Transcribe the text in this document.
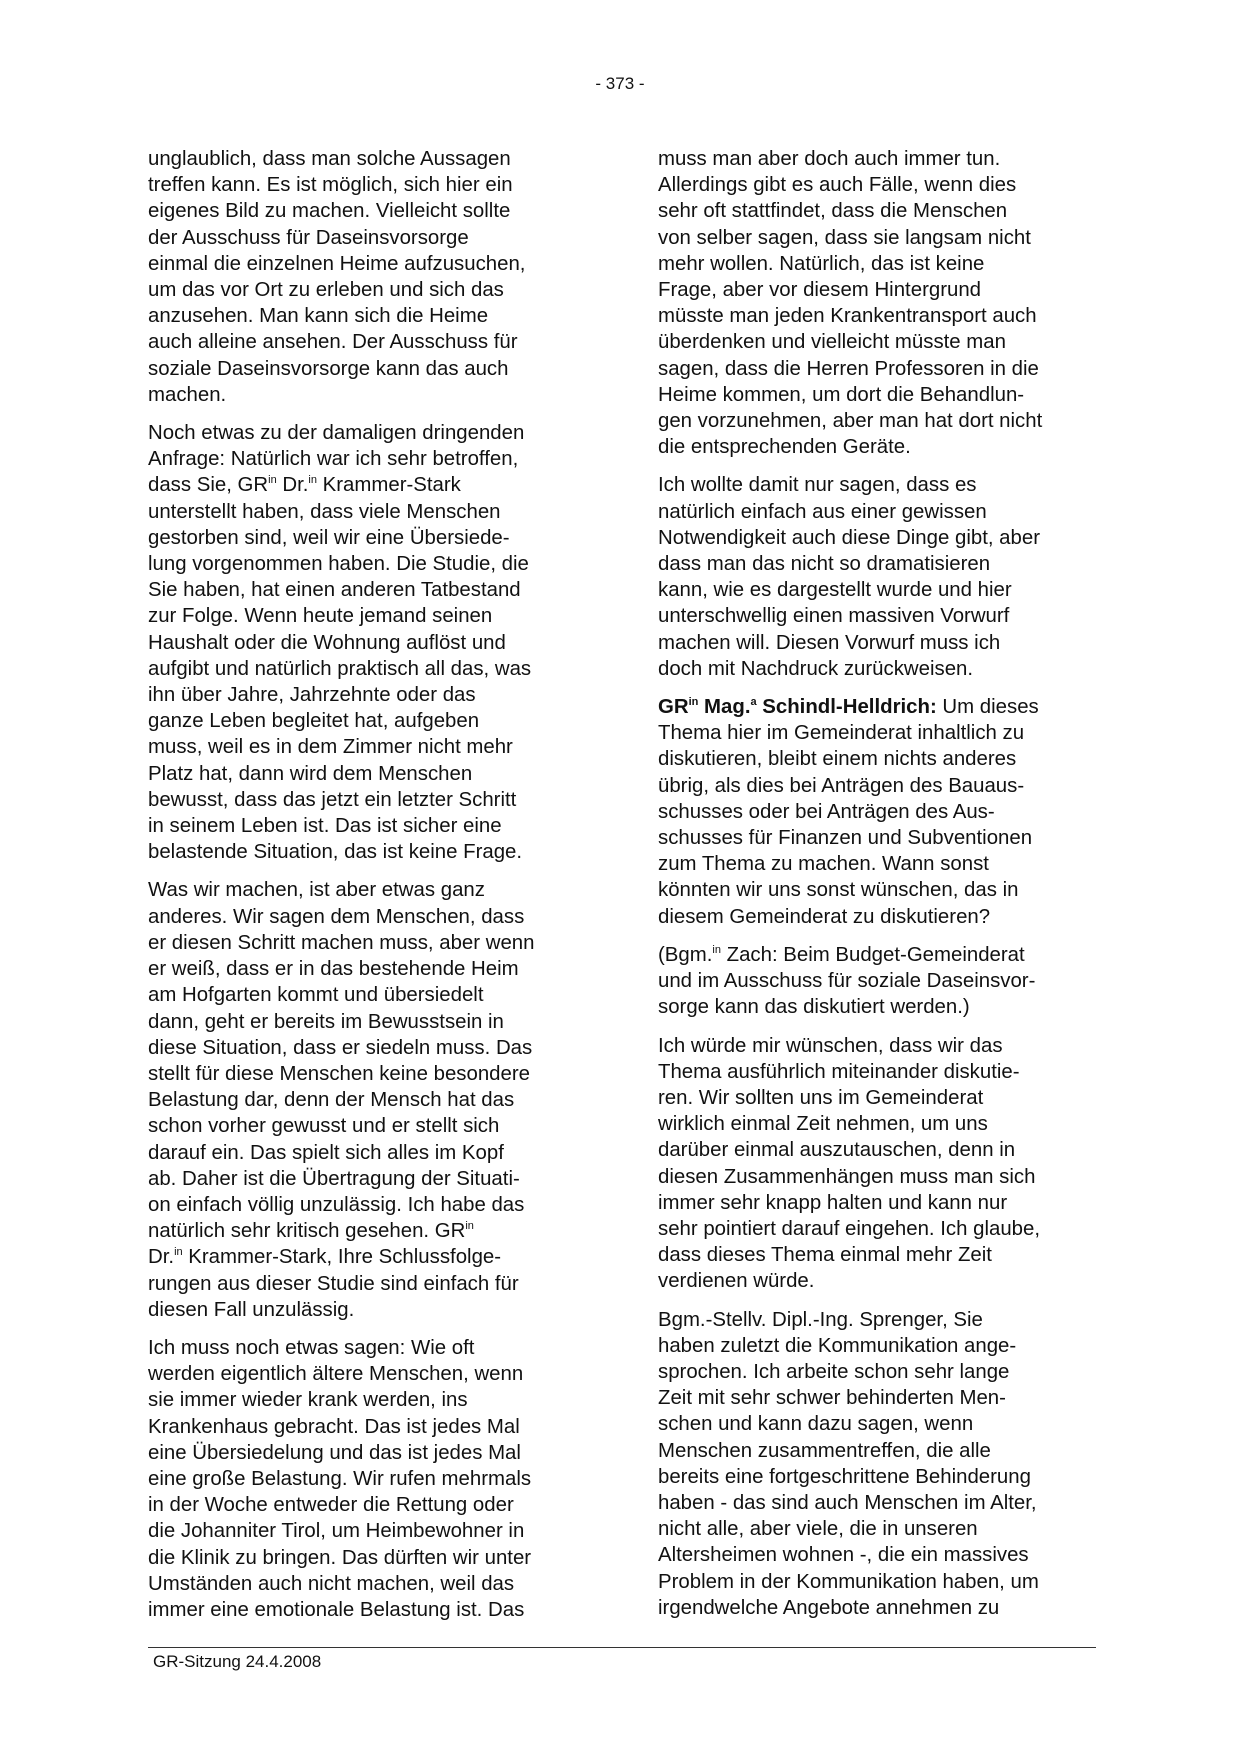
- 373 -

unglaublich, dass man solche Aussagen
treffen kann. Es ist möglich, sich hier ein
eigenes Bild zu machen. Vielleicht sollte
der Ausschuss für Daseinsvorsorge
einmal die einzelnen Heime aufzusuchen,
um das vor Ort zu erleben und sich das
anzusehen. Man kann sich die Heime
auch alleine ansehen. Der Ausschuss für
soziale Daseinsvorsorge kann das auch
machen.

Noch etwas zu der damaligen dringenden
Anfrage: Natürlich war ich sehr betroffen,
dass Sie, $GR^{in}$ Dr.$^{in}$ Krammer-Stark
unterstellt haben, dass viele Menschen
gestorben sind, weil wir eine Übersiede-
lung vorgenommen haben. Die Studie, die
Sie haben, hat einen anderen Tatbestand
zur Folge. Wenn heute jemand seinen
Haushalt oder die Wohnung auflöst und
aufgibt und natürlich praktisch all das, was
ihn über Jahre, Jahrzehnte oder das
ganze Leben begleitet hat, aufgeben
muss, weil es in dem Zimmer nicht mehr
Platz hat, dann wird dem Menschen
bewusst, dass das jetzt ein letzter Schritt
in seinem Leben ist. Das ist sicher eine
belastende Situation, das ist keine Frage.

Was wir machen, ist aber etwas ganz
anderes. Wir sagen dem Menschen, dass
er diesen Schritt machen muss, aber wenn
er weiß, dass er in das bestehende Heim
am Hofgarten kommt und übersiedelt
dann, geht er bereits im Bewusstsein in
diese Situation, dass er siedeln muss. Das
stellt für diese Menschen keine besondere
Belastung dar, denn der Mensch hat das
schon vorher gewusst und er stellt sich
darauf ein. Das spielt sich alles im Kopf
ab. Daher ist die Übertragung der Situati-
on einfach völlig unzulässig. Ich habe das
natürlich sehr kritisch gesehen. $GR^{in}$
Dr.$^{in}$ Krammer-Stark, Ihre Schlussfolge-
rungen aus dieser Studie sind einfach für
diesen Fall unzulässig.

Ich muss noch etwas sagen: Wie oft
werden eigentlich ältere Menschen, wenn
sie immer wieder krank werden, ins
Krankenhaus gebracht. Das ist jedes Mal
eine Übersiedelung und das ist jedes Mal
eine große Belastung. Wir rufen mehrmals
in der Woche entweder die Rettung oder
die Johanniter Tirol, um Heimbewohner in
die Klinik zu bringen. Das dürften wir unter
Umständen auch nicht machen, weil das
immer eine emotionale Belastung ist. Das

muss man aber doch auch immer tun.
Allerdings gibt es auch Fälle, wenn dies
sehr oft stattfindet, dass die Menschen
von selber sagen, dass sie langsam nicht
mehr wollen. Natürlich, das ist keine
Frage, aber vor diesem Hintergrund
müsste man jeden Krankentransport auch
überdenken und vielleicht müsste man
sagen, dass die Herren Professoren in die
Heime kommen, um dort die Behandlun-
gen vorzunehmen, aber man hat dort nicht
die entsprechenden Geräte.

Ich wollte damit nur sagen, dass es
natürlich einfach aus einer gewissen
Notwendigkeit auch diese Dinge gibt, aber
dass man das nicht so dramatisieren
kann, wie es dargestellt wurde und hier
unterschwellig einen massiven Vorwurf
machen will. Diesen Vorwurf muss ich
doch mit Nachdruck zurückweisen.

$GR^{in}$ Mag.$^a$ Schindl-Helldrich: Um dieses
Thema hier im Gemeinderat inhaltlich zu
diskutieren, bleibt einem nichts anderes
übrig, als dies bei Anträgen des Bauaus-
schusses oder bei Anträgen des Aus-
schusses für Finanzen und Subventionen
zum Thema zu machen. Wann sonst
könnten wir uns sonst wünschen, das in
diesem Gemeinderat zu diskutieren?

(Bgm.$^{in}$ Zach: Beim Budget-Gemeinderat
und im Ausschuss für soziale Daseinsvor-
sorge kann das diskutiert werden.)

Ich würde mir wünschen, dass wir das
Thema ausführlich miteinander diskutie-
ren. Wir sollten uns im Gemeinderat
wirklich einmal Zeit nehmen, um uns
darüber einmal auszutauschen, denn in
diesen Zusammenhängen muss man sich
immer sehr knapp halten und kann nur
sehr pointiert darauf eingehen. Ich glaube,
dass dieses Thema einmal mehr Zeit
verdienen würde.

Bgm.-Stellv. Dipl.-Ing. Sprenger, Sie
haben zuletzt die Kommunikation ange-
sprochen. Ich arbeite schon sehr lange
Zeit mit sehr schwer behinderten Men-
schen und kann dazu sagen, wenn
Menschen zusammentreffen, die alle
bereits eine fortgeschrittene Behinderung
haben - das sind auch Menschen im Alter,
nicht alle, aber viele, die in unseren
Altersheimen wohnen -, die ein massives
Problem in der Kommunikation haben, um
irgendwelche Angebote annehmen zu

GR-Sitzung 24.4.2008
